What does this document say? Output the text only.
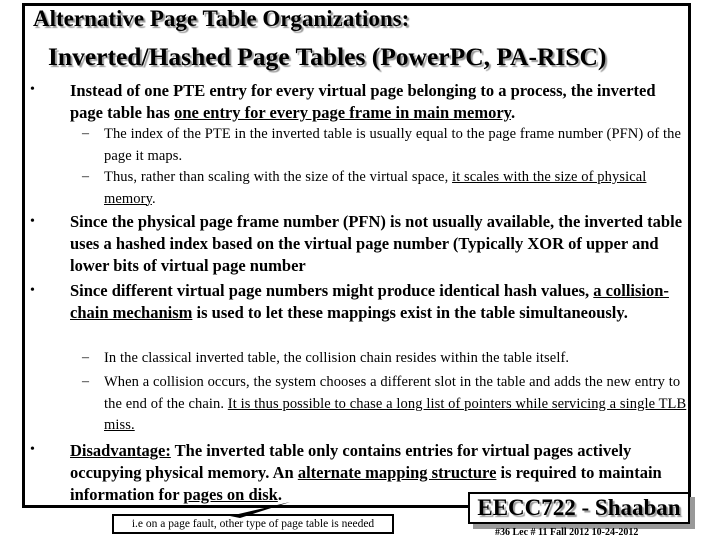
Alternative Page Table Organizations:
Inverted/Hashed Page Tables (PowerPC, PA-RISC)
• Instead of one PTE entry for every virtual page belonging to a process, the inverted page table has one entry for every page frame in main memory.
– The index of the PTE in the inverted table is usually equal to the page frame number (PFN) of the page it maps.
– Thus, rather than scaling with the size of the virtual space, it scales with the size of physical memory.
• Since the physical page frame number (PFN) is not usually available, the inverted table uses a hashed index based on the virtual page number (Typically XOR of upper and lower bits of virtual page number
• Since different virtual page numbers might produce identical hash values, a collision-chain mechanism is used to let these mappings exist in the table simultaneously.
– In the classical inverted table, the collision chain resides within the table itself.
– When a collision occurs, the system chooses a different slot in the table and adds the new entry to the end of the chain. It is thus possible to chase a long list of pointers while servicing a single TLB miss.
• Disadvantage: The inverted table only contains entries for virtual pages actively occupying physical memory. An alternate mapping structure is required to maintain information for pages on disk.
i.e on a page fault, other type of page table is needed
EECC722 - Shaaban
#36 Lec # 11 Fall 2012 10-24-2012
